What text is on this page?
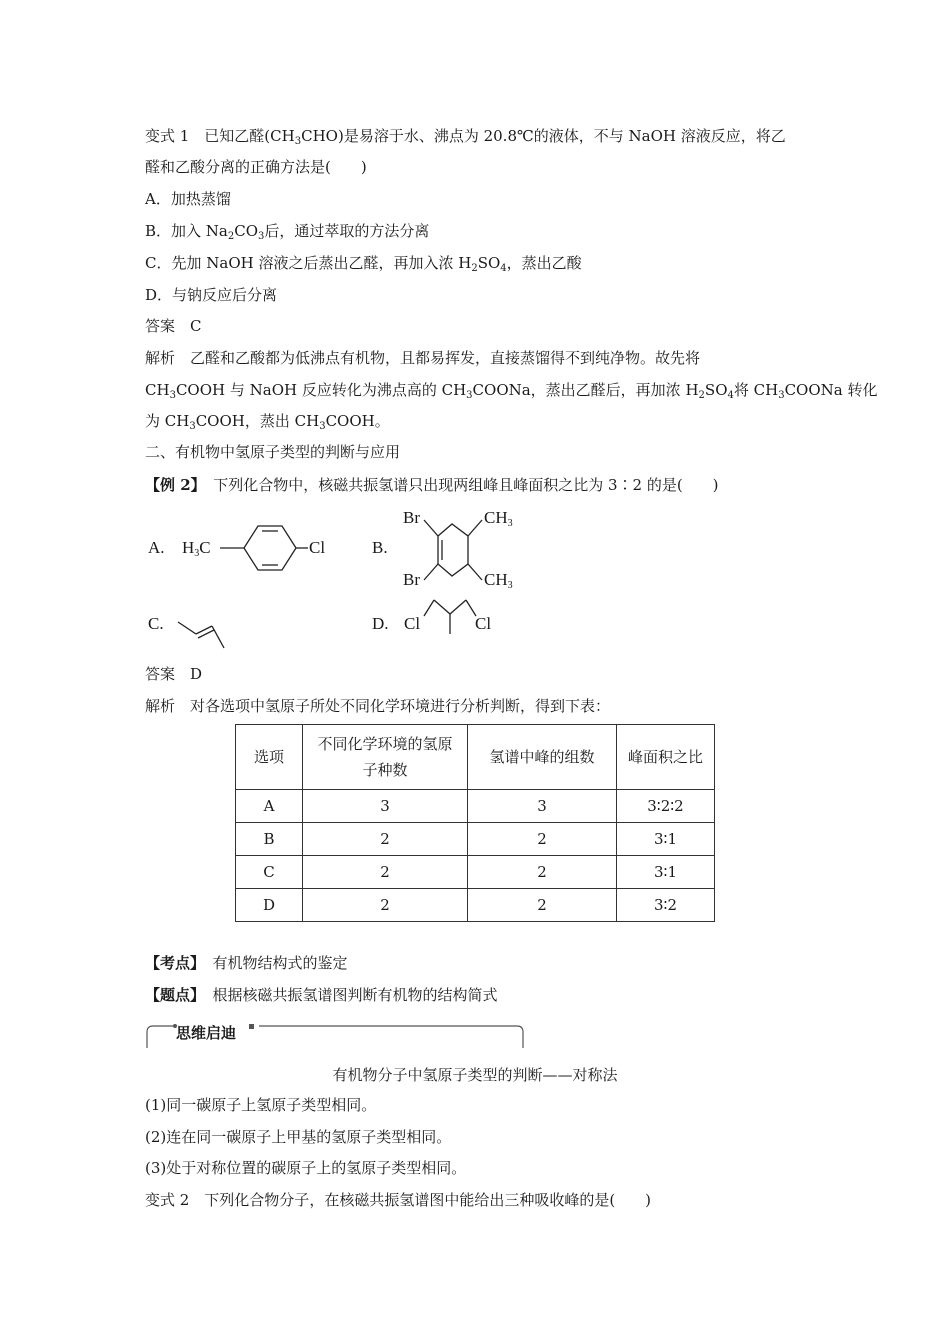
变式 1　已知乙醛$(CH_3CHO)$是易溶于水、沸点为 20.8℃的液体，不与 NaOH 溶液反应，将乙
醛和乙酸分离的正确方法是(　　)
A．加热蒸馏
B．加入 $Na_2CO_3$后，通过萃取的方法分离
C．先加 NaOH 溶液之后蒸出乙醛，再加入浓 $H_2SO_4$，蒸出乙酸
D．与钠反应后分离
答案　C
解析　乙醛和乙酸都为低沸点有机物，且都易挥发，直接蒸馏得不到纯净物。故先将
$CH_3COOH$ 与 NaOH 反应转化为沸点高的 $CH_3COONa$，蒸出乙醛后，再加浓 $H_2SO_4$将 $CH_3COONa$ 转化
为 $CH_3COOH$，蒸出 $CH_3COOH$。
二、有机物中氢原子类型的判断与应用
【例 2】　 下列化合物中，核磁共振氢谱只出现两组峰且峰面积之比为 3∶2 的是(　　)
A. $H_3C$	Cl	B.
Br
Br
$CH_3$
$CH_3$
C.	D. Cl	Cl
答案　D
解析　对各选项中氢原子所处不同化学环境进行分析判断，得到下表：
选项	不同化学环境的氢原子种数	氢谱中峰的组数	峰面积之比
A	3	3	3∶2∶2
B	2	2	3∶1
C	2	2	3∶1
D	2	2	3∶2
【考点】　 有机物结构式的鉴定
【题点】　 根据核磁共振氢谱图判断有机物的结构简式
思维启迪
有机物分子中氢原子类型的判断——对称法
(1)同一碳原子上氢原子类型相同。
(2)连在同一碳原子上甲基的氢原子类型相同。
(3)处于对称位置的碳原子上的氢原子类型相同。
变式 2　下列化合物分子，在核磁共振氢谱图中能给出三种吸收峰的是(　　)
